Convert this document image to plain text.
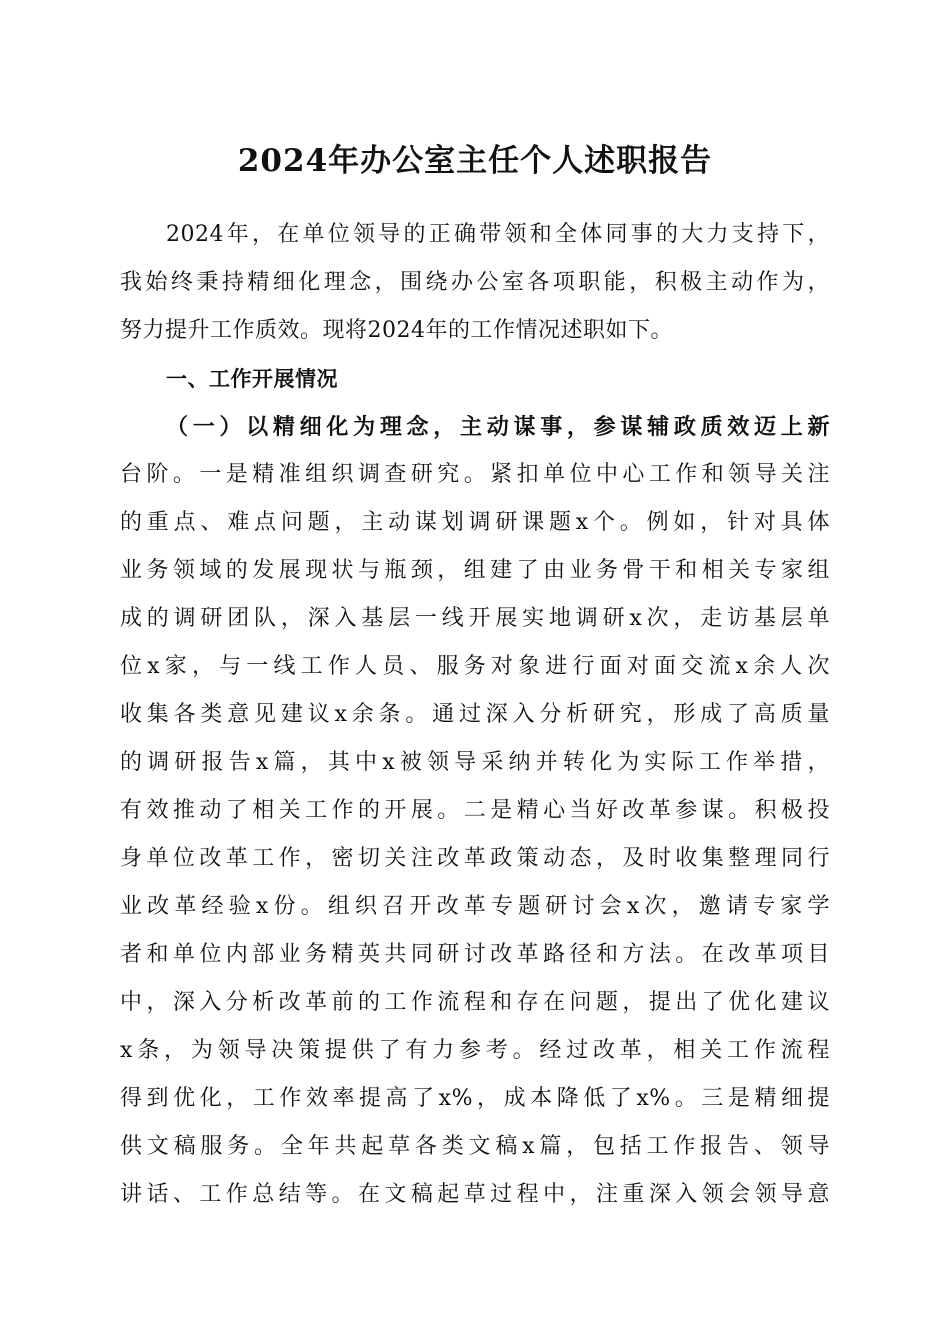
2024年办公室主任个人述职报告
2024年，在单位领导的正确带领和全体同事的大力支持下，
我始终秉持精细化理念，围绕办公室各项职能，积极主动作为，
努力提升工作质效。现将2024年的工作情况述职如下。
一、工作开展情况
（一）以精细化为理念，主动谋事，参谋辅政质效迈上新
台阶。一是精准组织调查研究。紧扣单位中心工作和领导关注
的重点、难点问题，主动谋划调研课题x个。例如，针对具体
业务领域的发展现状与瓶颈，组建了由业务骨干和相关专家组
成的调研团队，深入基层一线开展实地调研x次，走访基层单
位x家，与一线工作人员、服务对象进行面对面交流x余人次
收集各类意见建议x余条。通过深入分析研究，形成了高质量
的调研报告x篇，其中x被领导采纳并转化为实际工作举措，
有效推动了相关工作的开展。二是精心当好改革参谋。积极投
身单位改革工作，密切关注改革政策动态，及时收集整理同行
业改革经验x份。组织召开改革专题研讨会x次，邀请专家学
者和单位内部业务精英共同研讨改革路径和方法。在改革项目
中，深入分析改革前的工作流程和存在问题，提出了优化建议
x条，为领导决策提供了有力参考。经过改革，相关工作流程
得到优化，工作效率提高了x%，成本降低了x%。三是精细提
供文稿服务。全年共起草各类文稿x篇，包括工作报告、领导
讲话、工作总结等。在文稿起草过程中，注重深入领会领导意
